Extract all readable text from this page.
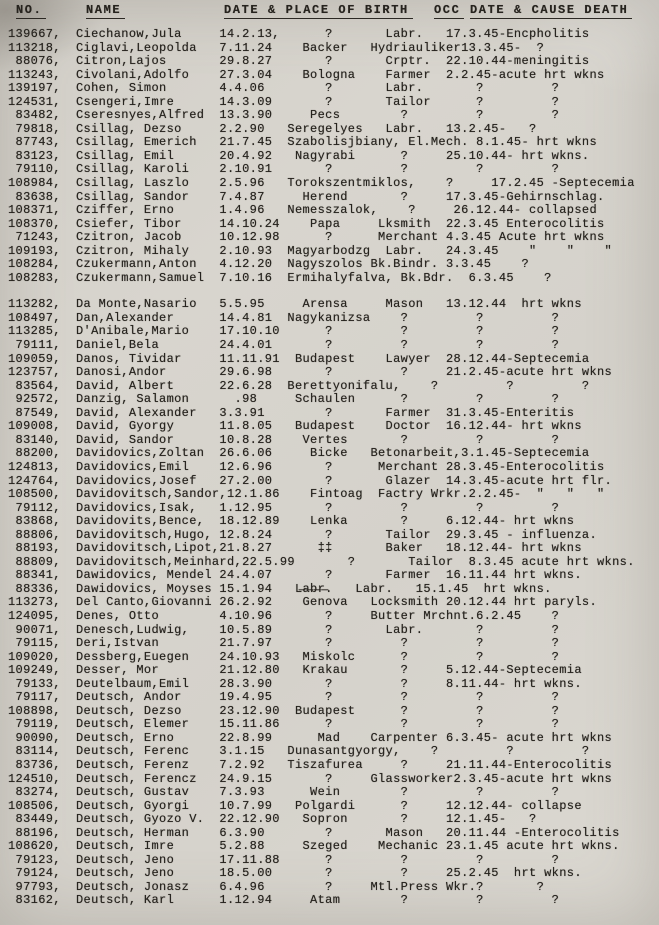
NO.	NAME	DATE & PLACE OF BIRTH	OCC DATE & CAUSE DEATH
139667,  Ciechanow,Jula     14.2.13,      ?       Labr.   17.3.45-Encpholitis
113218,  Ciglavi,Leopolda   7.11.24    Backer   Hydriauliker13.3.45-  ?
88076,  Citron,Lajos       29.8.27       ?       Crptr.  22.10.44-meningitis
113243,  Civolani,Adolfo    27.3.04    Bologna    Farmer  2.2.45-acute hrt wkns
139197,  Cohen, Simon       4.4.06        ?       Labr.       ?         ?
124531,  Csengeri,Imre      14.3.09       ?       Tailor      ?         ?
83482,  Cseresnyes,Alfred  13.3.90     Pecs        ?         ?         ?
79818,  Csillag, Dezso     2.2.90   Seregelyes   Labr.   13.2.45-   ?
87743,  Csillag, Emerich   21.7.45  Szabolisjbiany, El.Mech. 8.1.45- hrt wkns
83123,  Csillag, Emil      20.4.92   Nagyrabi      ?     25.10.44- hrt wkns.
79110,  Csillag, Karoli    2.10.91       ?         ?         ?         ?
108984,  Csillag, Laszlo    2.5.96   Torokszentmiklos,    ?     17.2.45 -Septecemia
83638,  Csillag, Sandor    7.4.87     Herend       ?     17.3.45-Gehirnschlag.
108371,  Cziffer, Erno      1.4.96   Nemesszalok,    ?     26.12.44- collapsed
108370,  Csiefer, Tibor     14.10.24    Papa     Lksmith  22.3.45 Enterocolitis
71243,  Czitron, Jacob     10.12.98      ?      Merchant 4.3.45 Acute hrt wkns
109193,  Czitron, Mihaly    2.10.93  Magyarbodzg  Labr.   24.3.45    "    "    "
108284,  Czukermann,Anton   4.12.20  Nagyszolos Bk.Bindr. 3.3.45    ?
108283,  Czukermann,Samuel  7.10.16  Ermihalyfalva, Bk.Bdr.  6.3.45    ?
113282,  Da Monte,Nasario   5.5.95     Arensa     Mason   13.12.44  hrt wkns
108497,  Dan,Alexander      14.4.81  Nagykanizsa    ?         ?         ?
113285,  D'Anibale,Mario    17.10.10      ?         ?         ?         ?
79111,  Daniel,Bela        24.4.01       ?         ?         ?         ?
109059,  Danos, Tividar     11.11.91  Budapest    Lawyer  28.12.44-Septecemia
123757,  Danosi,Andor       29.6.98       ?         ?     21.2.45-acute hrt wkns
83564,  David, Albert      22.6.28  Berettyonifalu,    ?         ?         ?
92572,  Danzig, Salamon      .98     Schaulen      ?         ?         ?
87549,  David, Alexander   3.3.91        ?       Farmer  31.3.45-Enteritis
109008,  David, Gyorgy      11.8.05   Budapest    Doctor  16.12.44- hrt wkns
83140,  David, Sandor      10.8.28    Vertes       ?         ?         ?
88200,  Davidovics,Zoltan  26.6.06     Bicke   Betonarbeit,3.1.45-Septecemia
124813,  Davidovics,Emil    12.6.96       ?      Merchant 28.3.45-Enterocolitis
124764,  Davidovics,Josef   27.2.00       ?       Glazer  14.3.45-acute hrt flr.
108500,  Davidovitsch,Sandor,12.1.86    Fintoag  Factry Wrkr.2.2.45-  "   "   "
79112,  Davidovics,Isak,   1.12.95       ?         ?         ?         ?
83868,  Davidovits,Bence,  18.12.89    Lenka       ?     6.12.44- hrt wkns
88806,  Davidovitsch,Hugo, 12.8.24       ?       Tailor  29.3.45 - influenza.
88193,  Davidovitsch,Lipot,21.8.27      ‡‡       Baker   18.12.44- hrt wkns
88809,  Davidovitsch,Meinhard,22.5.99       ?       Tailor  8.3.45 acute hrt wkns.
88341,  Dawidovics, Mendel 24.4.07       ?       Farmer  16.11.44 hrt wkns.
88336,  Dawidovics, Moyses 15.1.94   L̶a̶b̶r̶.   Labr.   15.1.45  hrt wkns.
113273,  Del Canto,Giovanni 26.2.92    Genova   Locksmith 20.12.44 hrt paryls.
124095,  Denes, Otto        4.10.96       ?     Butter Mrchnt.6.2.45    ?
90071,  Denesch,Ludwig,    10.5.89       ?       Labr.       ?         ?
79115,  Deri,Istvan        21.7.97       ?         ?         ?         ?
109020,  Dessberg,Euegen    24.10.93   Miskolc      ?         ?         ?
109249,  Desser, Mor        21.12.80   Krakau       ?     5.12.44-Septecemia
79133,  Deutelbaum,Emil    28.3.90       ?         ?     8.11.44- hrt wkns.
79117,  Deutsch, Andor     19.4.95       ?         ?         ?         ?
108898,  Deutsch, Dezso     23.12.90  Budapest      ?         ?         ?
79119,  Deutsch, Elemer    15.11.86      ?         ?         ?         ?
90090,  Deutsch, Erno      22.8.99      Mad    Carpenter 6.3.45- acute hrt wkns
83114,  Deutsch, Ferenc    3.1.15   Dunasantgyorgy,    ?         ?         ?
83736,  Deutsch, Ferenz    7.2.92   Tiszafurea     ?     21.11.44-Enterocolitis
124510,  Deutsch, Ferencz   24.9.15       ?     Glassworker2.3.45-acute hrt wkns
83274,  Deutsch, Gustav    7.3.93      Wein        ?         ?         ?
108506,  Deutsch, Gyorgi    10.7.99   Polgardi      ?     12.12.44- collapse
83449,  Deutsch, Gyozo V.  22.12.90   Sopron       ?     12.1.45-   ?
88196,  Deutsch, Herman    6.3.90        ?       Mason   20.11.44 -Enterocolitis
108620,  Deutsch, Imre      5.2.88     Szeged    Mechanic 23.1.45 acute hrt wkns.
79123,  Deutsch, Jeno      17.11.88      ?         ?         ?         ?
79124,  Deutsch, Jeno      18.5.00       ?         ?     25.2.45  hrt wkns.
97793,  Deutsch, Jonasz    6.4.96        ?     Mtl.Press Wkr.?       ?
83162,  Deutsch, Karl      1.12.94     Atam        ?         ?         ?
